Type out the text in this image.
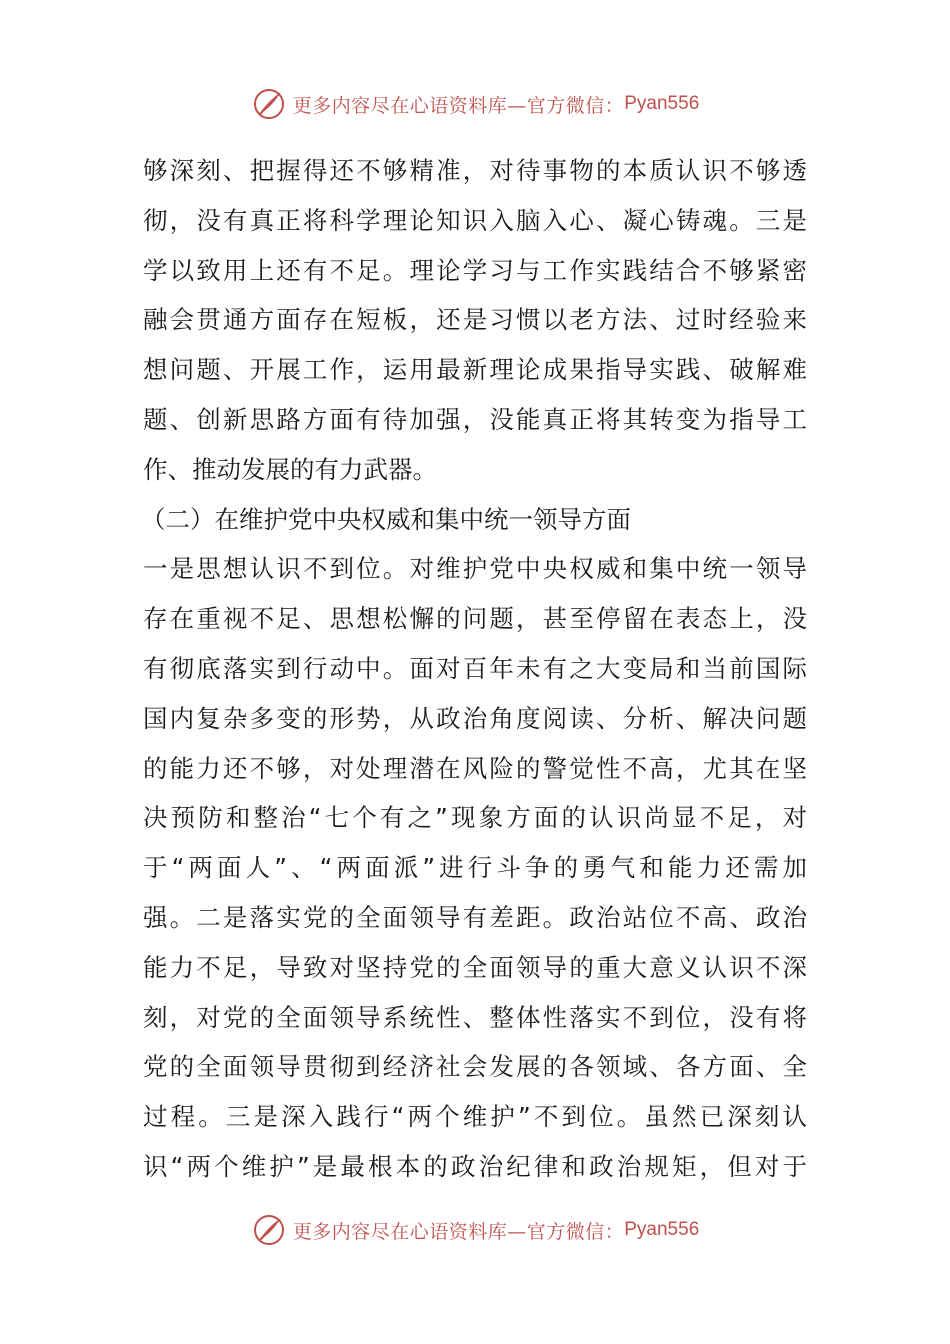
更多内容尽在心语资料库—官方微信： Pyan556
够深刻、把握得还不够精准，对待事物的本质认识不够透
彻，没有真正将科学理论知识入脑入心、凝心铸魂。三是
学以致用上还有不足。理论学习与工作实践结合不够紧密
融会贯通方面存在短板，还是习惯以老方法、过时经验来
想问题、开展工作，运用最新理论成果指导实践、破解难
题、创新思路方面有待加强，没能真正将其转变为指导工
作、推动发展的有力武器。
（二）在维护党中央权威和集中统一领导方面
一是思想认识不到位。对维护党中央权威和集中统一领导
存在重视不足、思想松懈的问题，甚至停留在表态上，没
有彻底落实到行动中。面对百年未有之大变局和当前国际
国内复杂多变的形势，从政治角度阅读、分析、解决问题
的能力还不够，对处理潜在风险的警觉性不高，尤其在坚
决预防和整治“七个有之”现象方面的认识尚显不足，对
于“两面人”、“两面派”进行斗争的勇气和能力还需加
强。二是落实党的全面领导有差距。政治站位不高、政治
能力不足，导致对坚持党的全面领导的重大意义认识不深
刻，对党的全面领导系统性、整体性落实不到位，没有将
党的全面领导贯彻到经济社会发展的各领域、各方面、全
过程。三是深入践行“两个维护”不到位。虽然已深刻认
识“两个维护”是最根本的政治纪律和政治规矩，但对于
更多内容尽在心语资料库—官方微信： Pyan556
